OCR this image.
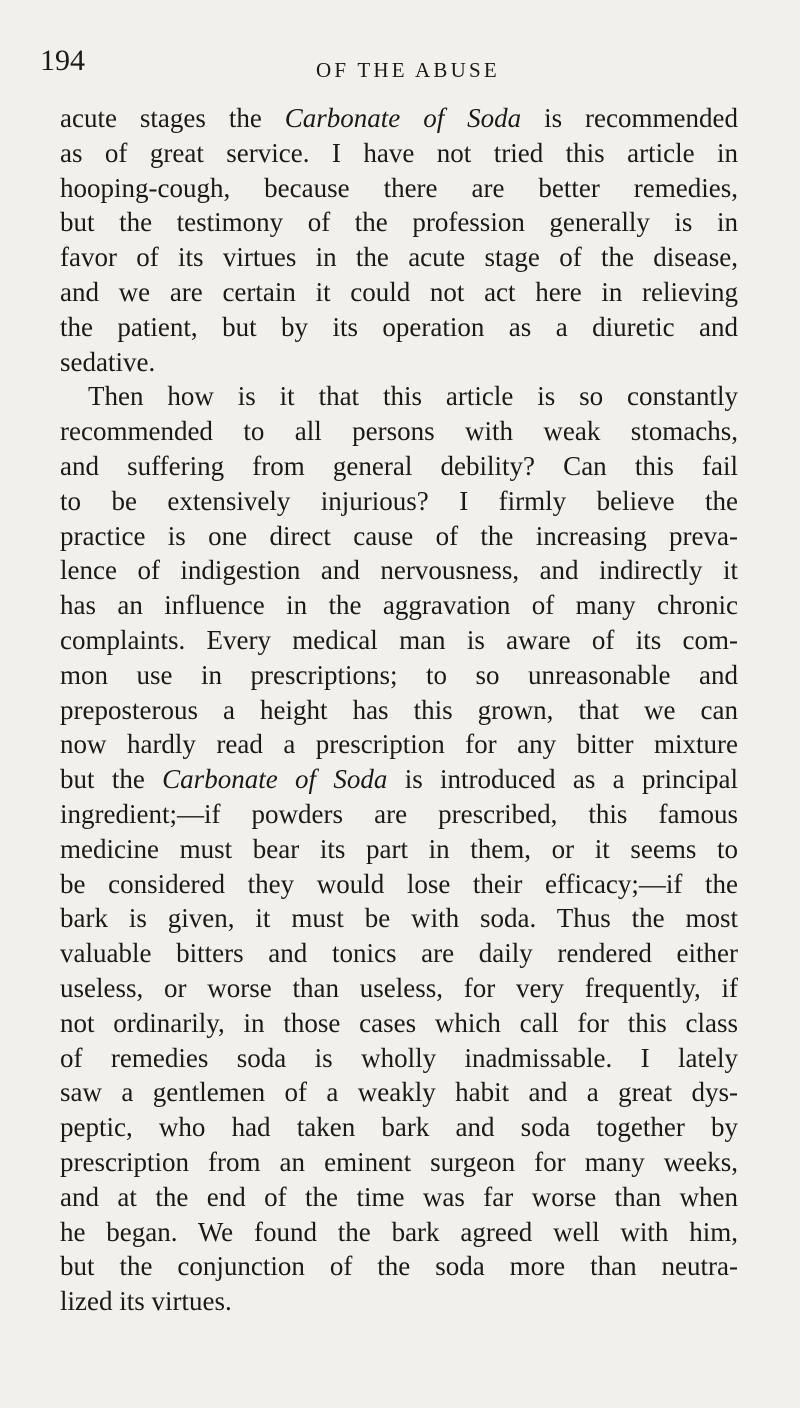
194	OF THE ABUSE
acute stages the Carbonate of Soda is recommended
as of great service. I have not tried this article in
hooping-cough, because there are better remedies,
but the testimony of the profession generally is in
favor of its virtues in the acute stage of the disease,
and we are certain it could not act here in relieving
the patient, but by its operation as a diuretic and
sedative.
Then how is it that this article is so constantly
recommended to all persons with weak stomachs,
and suffering from general debility? Can this fail
to be extensively injurious? I firmly believe the
practice is one direct cause of the increasing preva-
lence of indigestion and nervousness, and indirectly it
has an influence in the aggravation of many chronic
complaints. Every medical man is aware of its com-
mon use in prescriptions; to so unreasonable and
preposterous a height has this grown, that we can
now hardly read a prescription for any bitter mixture
but the Carbonate of Soda is introduced as a principal
ingredient;—if powders are prescribed, this famous
medicine must bear its part in them, or it seems to
be considered they would lose their efficacy;—if the
bark is given, it must be with soda. Thus the most
valuable bitters and tonics are daily rendered either
useless, or worse than useless, for very frequently, if
not ordinarily, in those cases which call for this class
of remedies soda is wholly inadmissable. I lately
saw a gentlemen of a weakly habit and a great dys-
peptic, who had taken bark and soda together by
prescription from an eminent surgeon for many weeks,
and at the end of the time was far worse than when
he began. We found the bark agreed well with him,
but the conjunction of the soda more than neutra-
lized its virtues.
